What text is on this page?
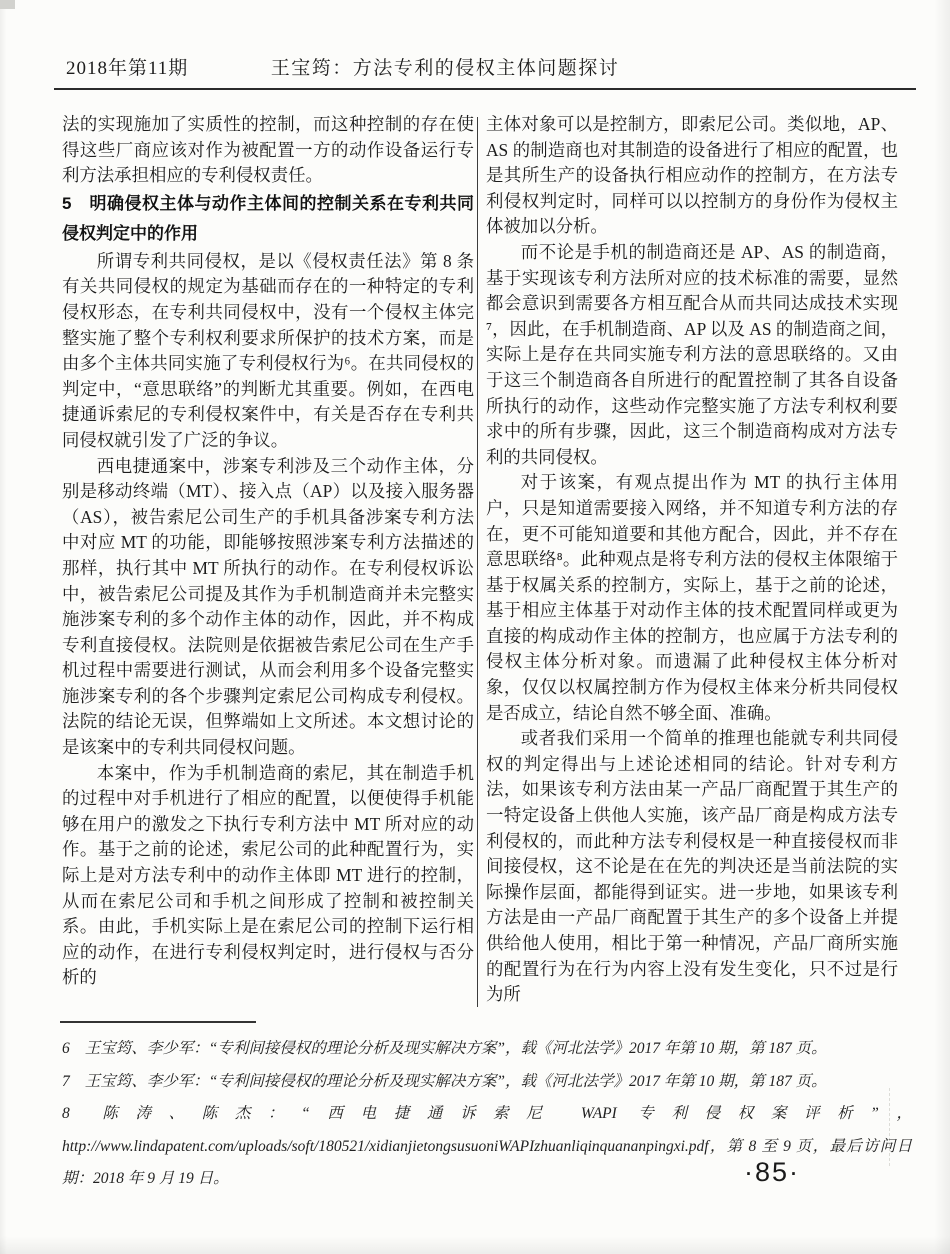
2018年第11期	王宝筠：方法专利的侵权主体问题探讨

法的实现施加了实质性的控制，而这种控制的存在使得这些厂商应该对作为被配置一方的动作设备运行专利方法承担相应的专利侵权责任。

5　明确侵权主体与动作主体间的控制关系在专利共同侵权判定中的作用

所谓专利共同侵权，是以《侵权责任法》第 8 条有关共同侵权的规定为基础而存在的一种特定的专利侵权形态，在专利共同侵权中，没有一个侵权主体完整实施了整个专利权利要求所保护的技术方案，而是由多个主体共同实施了专利侵权行为⁶。在共同侵权的判定中，“意思联络”的判断尤其重要。例如，在西电捷通诉索尼的专利侵权案件中，有关是否存在专利共同侵权就引发了广泛的争议。

西电捷通案中，涉案专利涉及三个动作主体，分别是移动终端（MT）、接入点（AP）以及接入服务器（AS），被告索尼公司生产的手机具备涉案专利方法中对应 MT 的功能，即能够按照涉案专利方法描述的那样，执行其中 MT 所执行的动作。在专利侵权诉讼中，被告索尼公司提及其作为手机制造商并未完整实施涉案专利的多个动作主体的动作，因此，并不构成专利直接侵权。法院则是依据被告索尼公司在生产手机过程中需要进行测试，从而会利用多个设备完整实施涉案专利的各个步骤判定索尼公司构成专利侵权。法院的结论无误，但弊端如上文所述。本文想讨论的是该案中的专利共同侵权问题。

本案中，作为手机制造商的索尼，其在制造手机的过程中对手机进行了相应的配置，以便使得手机能够在用户的激发之下执行专利方法中 MT 所对应的动作。基于之前的论述，索尼公司的此种配置行为，实际上是对方法专利中的动作主体即 MT 进行的控制，从而在索尼公司和手机之间形成了控制和被控制关系。由此，手机实际上是在索尼公司的控制下运行相应的动作，在进行专利侵权判定时，进行侵权与否分析的

主体对象可以是控制方，即索尼公司。类似地，AP、AS 的制造商也对其制造的设备进行了相应的配置，也是其所生产的设备执行相应动作的控制方，在方法专利侵权判定时，同样可以以控制方的身份作为侵权主体被加以分析。

而不论是手机的制造商还是 AP、AS 的制造商，基于实现该专利方法所对应的技术标准的需要，显然都会意识到需要各方相互配合从而共同达成技术实现⁷，因此，在手机制造商、AP 以及 AS 的制造商之间，实际上是存在共同实施专利方法的意思联络的。又由于这三个制造商各自所进行的配置控制了其各自设备所执行的动作，这些动作完整实施了方法专利权利要求中的所有步骤，因此，这三个制造商构成对方法专利的共同侵权。

对于该案，有观点提出作为 MT 的执行主体用户，只是知道需要接入网络，并不知道专利方法的存在，更不可能知道要和其他方配合，因此，并不存在意思联络⁸。此种观点是将专利方法的侵权主体限缩于基于权属关系的控制方，实际上，基于之前的论述，基于相应主体基于对动作主体的技术配置同样或更为直接的构成动作主体的控制方，也应属于方法专利的侵权主体分析对象。而遗漏了此种侵权主体分析对象，仅仅以权属控制方作为侵权主体来分析共同侵权是否成立，结论自然不够全面、准确。

或者我们采用一个简单的推理也能就专利共同侵权的判定得出与上述论述相同的结论。针对专利方法，如果该专利方法由某一产品厂商配置于其生产的一特定设备上供他人实施，该产品厂商是构成方法专利侵权的，而此种方法专利侵权是一种直接侵权而非间接侵权，这不论是在在先的判决还是当前法院的实际操作层面，都能得到证实。进一步地，如果该专利方法是由一产品厂商配置于其生产的多个设备上并提供给他人使用，相比于第一种情况，产品厂商所实施的配置行为在行为内容上没有发生变化，只不过是行为所

6 王宝筠、李少军：“专利间接侵权的理论分析及现实解决方案”，载《河北法学》2017 年第 10 期，第 187 页。

7 王宝筠、李少军：“专利间接侵权的理论分析及现实解决方案”，载《河北法学》2017 年第 10 期，第 187 页。

8 陈涛、陈杰：“西电捷通诉索尼 WAPI 专利侵权案评析”，http://www.lindapatent.com/uploads/soft/180521/xidianjietongsusuoniWAPIzhuanliqinquananpingxi.pdf，第 8 至 9 页，最后访问日期：2018 年 9 月 19 日。	·85·
